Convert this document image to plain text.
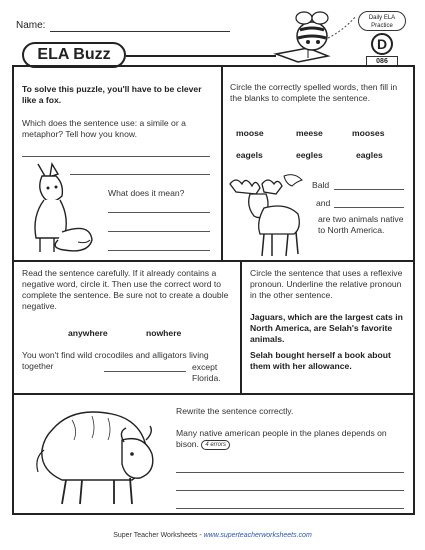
Name:
ELA Buzz
Daily ELA Practice
D
086
To solve this puzzle, you'll have to be clever like a fox.
Which does the sentence use: a simile or a metaphor? Tell how you know.
What does it mean?
Circle the correctly spelled words, then fill in the blanks to complete the sentence.
moose	meese	mooses
eagels	eegles	eagles
Bald
and
are two animals native to North America.
Read the sentence carefully. If it already contains a negative word, circle it. Then use the correct word to complete the sentence. Be sure not to create a double negative.
anywhere	nowhere
You won't find wild crocodiles and alligators living together	except Florida.
Circle the sentence that uses a reflexive pronoun. Underline the relative pronoun in the other sentence.
Jaguars, which are the largest cats in North America, are Selah's favorite animals.
Selah bought herself a book about them with her allowance.
Rewrite the sentence correctly.
Many native american people in the planes depends on bison. 4 errors
Super Teacher Worksheets - www.superteacherworksheets.com
